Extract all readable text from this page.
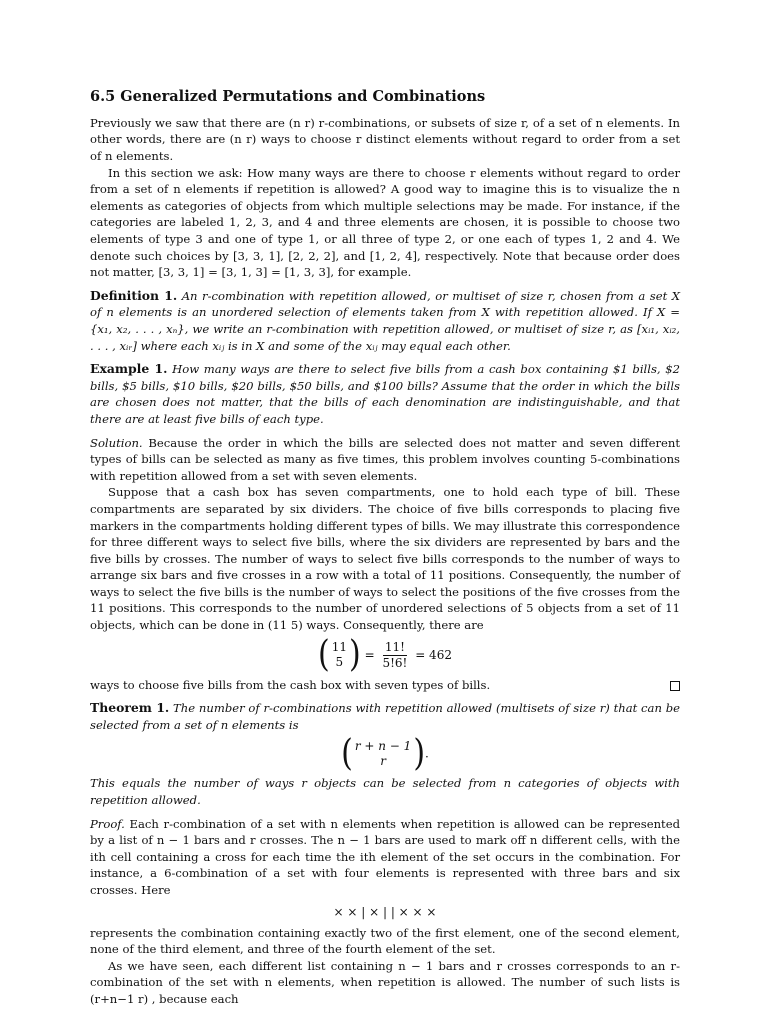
6.5 Generalized Permutations and Combinations

Previously we saw that there are (n r) r-combinations, or subsets of size r, of a set of n elements. In other words, there are (n r) ways to choose r distinct elements without regard to order from a set of n elements.

In this section we ask: How many ways are there to choose r elements without regard to order from a set of n elements if repetition is allowed? A good way to imagine this is to visualize the n elements as categories of objects from which multiple selections may be made. For instance, if the categories are labeled 1, 2, 3, and 4 and three elements are chosen, it is possible to choose two elements of type 3 and one of type 1, or all three of type 2, or one each of types 1, 2 and 4. We denote such choices by [3, 3, 1], [2, 2, 2], and [1, 2, 4], respectively. Note that because order does not matter, [3, 3, 1] = [3, 1, 3] = [1, 3, 3], for example.

Definition 1. An r-combination with repetition allowed, or multiset of size r, chosen from a set X of n elements is an unordered selection of elements taken from X with repetition allowed. If X = {x₁, x₂, . . . , xₙ}, we write an r-combination with repetition allowed, or multiset of size r, as [xᵢ₁, xᵢ₂, . . . , xᵢᵣ] where each xᵢⱼ is in X and some of the xᵢⱼ may equal each other.

Example 1. How many ways are there to select five bills from a cash box containing $1 bills, $2 bills, $5 bills, $10 bills, $20 bills, $50 bills, and $100 bills? Assume that the order in which the bills are chosen does not matter, that the bills of each denomination are indistinguishable, and that there are at least five bills of each type.

Solution. Because the order in which the bills are selected does not matter and seven different types of bills can be selected as many as five times, this problem involves counting 5-combinations with repetition allowed from a set with seven elements.

Suppose that a cash box has seven compartments, one to hold each type of bill. These compartments are separated by six dividers. The choice of five bills corresponds to placing five markers in the compartments holding different types of bills. We may illustrate this correspondence for three different ways to select five bills, where the six dividers are represented by bars and the five bills by crosses. The number of ways to select five bills corresponds to the number of ways to arrange six bars and five crosses in a row with a total of 11 positions. Consequently, the number of ways to select the five bills is the number of ways to select the positions of the five crosses from the 11 positions. This corresponds to the number of unordered selections of 5 objects from a set of 11 objects, which can be done in (11 5) ways. Consequently, there are

( 11
5 ) = $\frac{11!}{5!6!} = 462$

ways to choose five bills from the cash box with seven types of bills.

Theorem 1. The number of r-combinations with repetition allowed (multisets of size r) that can be selected from a set of n elements is

( r + n − 1
r ) .

This equals the number of ways r objects can be selected from n categories of objects with repetition allowed.

Proof. Each r-combination of a set with n elements when repetition is allowed can be represented by a list of n − 1 bars and r crosses. The n − 1 bars are used to mark off n different cells, with the ith cell containing a cross for each time the ith element of the set occurs in the combination. For instance, a 6-combination of a set with four elements is represented with three bars and six crosses. Here

× × | × | | × × ×

represents the combination containing exactly two of the first element, one of the second element, none of the third element, and three of the fourth element of the set.

As we have seen, each different list containing n − 1 bars and r crosses corresponds to an r-combination of the set with n elements, when repetition is allowed. The number of such lists is (r+n−1 r) , because each
